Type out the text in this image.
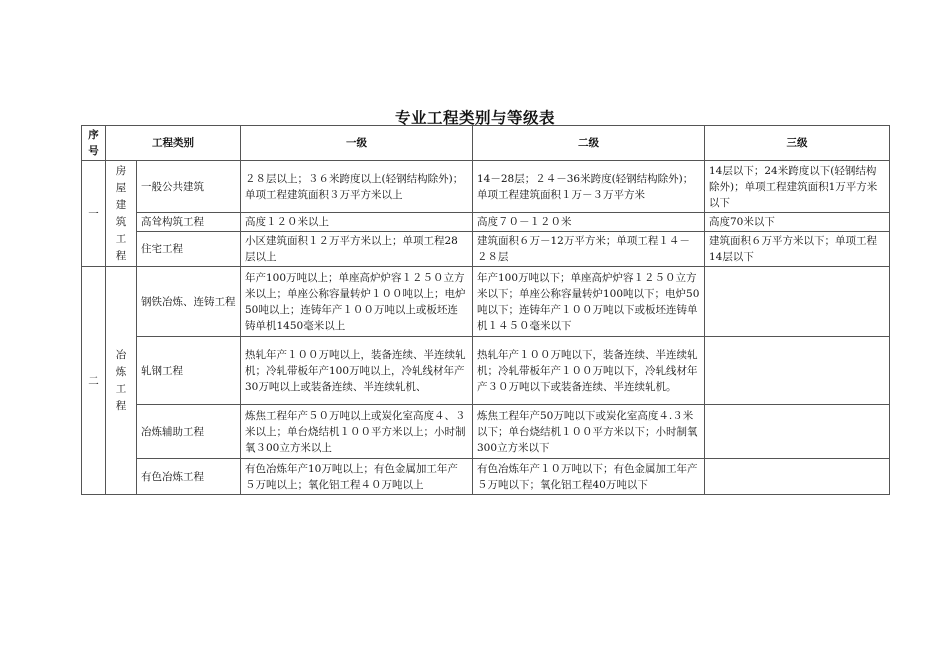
专业工程类别与等级表
序号	工程类别		一级	二级	三级
一	房屋建筑工程	一般公共建筑	２８层以上；３６米跨度以上(轻钢结构除外)；单项工程建筑面积３万平方米以上	14－28层；２４－36米跨度(轻钢结构除外)；单项工程建筑面积１万－３万平方米	14层以下；24米跨度以下(轻钢结构除外)；单项工程建筑面积1万平方米以下
		高耸构筑工程	高度１２０米以上	高度７０－１２０米	高度70米以下
		住宅工程	小区建筑面积１２万平方米以上；单项工程28层以上	建筑面积６万－12万平方米；单项工程１４－２８层	建筑面积６万平方米以下；单项工程14层以下
二	冶炼工程	钢铁冶炼、连铸工程	年产100万吨以上；单座高炉炉容１２５０立方米以上；单座公称容量转炉１００吨以上；电炉50吨以上；连铸年产１００万吨以上或板坯连铸单机1450毫米以上	年产100万吨以下；单座高炉炉容１２５０立方米以下；单座公称容量转炉100吨以下；电炉50吨以下；连铸年产１００万吨以下或板坯连铸单机１４５０毫米以下	
		轧钢工程	热轧年产１００万吨以上，装备连续、半连续轧机；冷轧带板年产100万吨以上，冷轧线材年产30万吨以上或装备连续、半连续轧机、	热轧年产１００万吨以下，装备连续、半连续轧机；冷轧带板年产１００万吨以下，冷轧线材年产３０万吨以下或装备连续、半连续轧机。	
		冶炼辅助工程	炼焦工程年产５０万吨以上或炭化室高度４、３米以上；单台烧结机１００平方米以上；小时制氧３00立方米以上	炼焦工程年产50万吨以下或炭化室高度４.３米以下；单台烧结机１００平方米以下；小时制氧300立方米以下	
		有色冶炼工程	有色冶炼年产10万吨以上；有色金属加工年产５万吨以上；氧化铝工程４０万吨以上	有色冶炼年产１０万吨以下；有色金属加工年产５万吨以下；氧化铝工程40万吨以下	
